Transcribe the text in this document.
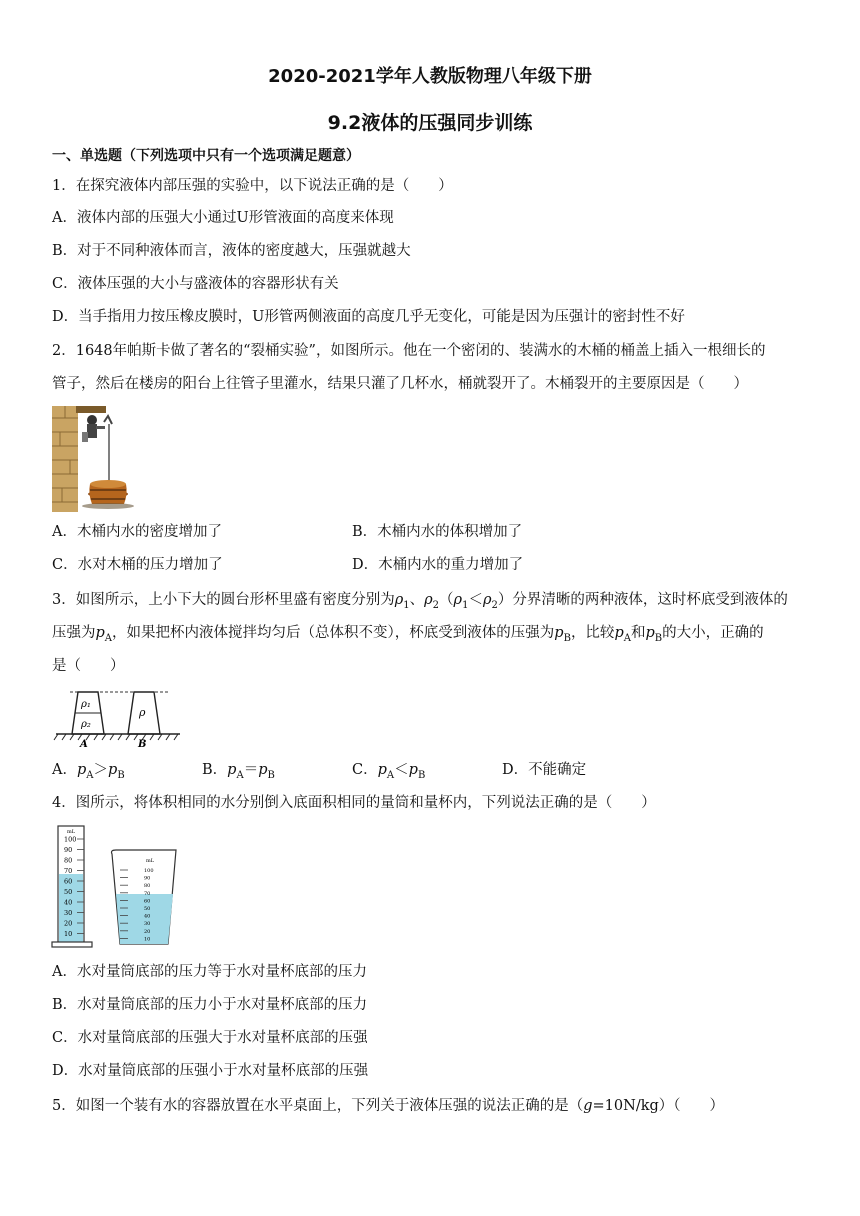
2020-2021学年人教版物理八年级下册
9.2液体的压强同步训练
一、单选题（下列选项中只有一个选项满足题意）
1．在探究液体内部压强的实验中，以下说法正确的是（　　）
A．液体内部的压强大小通过U形管液面的高度来体现
B．对于不同种液体而言，液体的密度越大，压强就越大
C．液体压强的大小与盛液体的容器形状有关
D．当手指用力按压橡皮膜时，U形管两侧液面的高度几乎无变化，可能是因为压强计的密封性不好
2．1648年帕斯卡做了著名的“裂桶实验”，如图所示。他在一个密闭的、装满水的木桶的桶盖上插入一根细长的
管子，然后在楼房的阳台上往管子里灌水，结果只灌了几杯水，桶就裂开了。木桶裂开的主要原因是（　　）
A．木桶内水的密度增加了	B．木桶内水的体积增加了
C．水对木桶的压力增加了	D．木桶内水的重力增加了
3．如图所示，上小下大的圆台形杯里盛有密度分别为$\rho_1$、$\rho_2(\rho_1<\rho_2)$分界清晰的两种液体，这时杯底受到液体的
压强为$p_A$，如果把杯内液体搅拌均匀后（总体积不变），杯底受到液体的压强为$p_B$，比较$p_A$和$p_B$的大小，正确的
是（　　）
ρ₁
ρ₂
ρ
A	B
A．$p_A>p_B$	B．$p_A=p_B$	C．$p_A<p_B$	D．不能确定
4．图所示，将体积相同的水分别倒入底面积相同的量筒和量杯内，下列说法正确的是（　　）
mL
100
90
80
70
60
50
40
30
20
10
mL
100
90
80
70
60
50
40
30
20
10
A．水对量筒底部的压力等于水对量杯底部的压力
B．水对量筒底部的压力小于水对量杯底部的压力
C．水对量筒底部的压强大于水对量杯底部的压强
D．水对量筒底部的压强小于水对量杯底部的压强
5．如图一个装有水的容器放置在水平桌面上，下列关于液体压强的说法正确的是（g=10N/kg）（　　）
